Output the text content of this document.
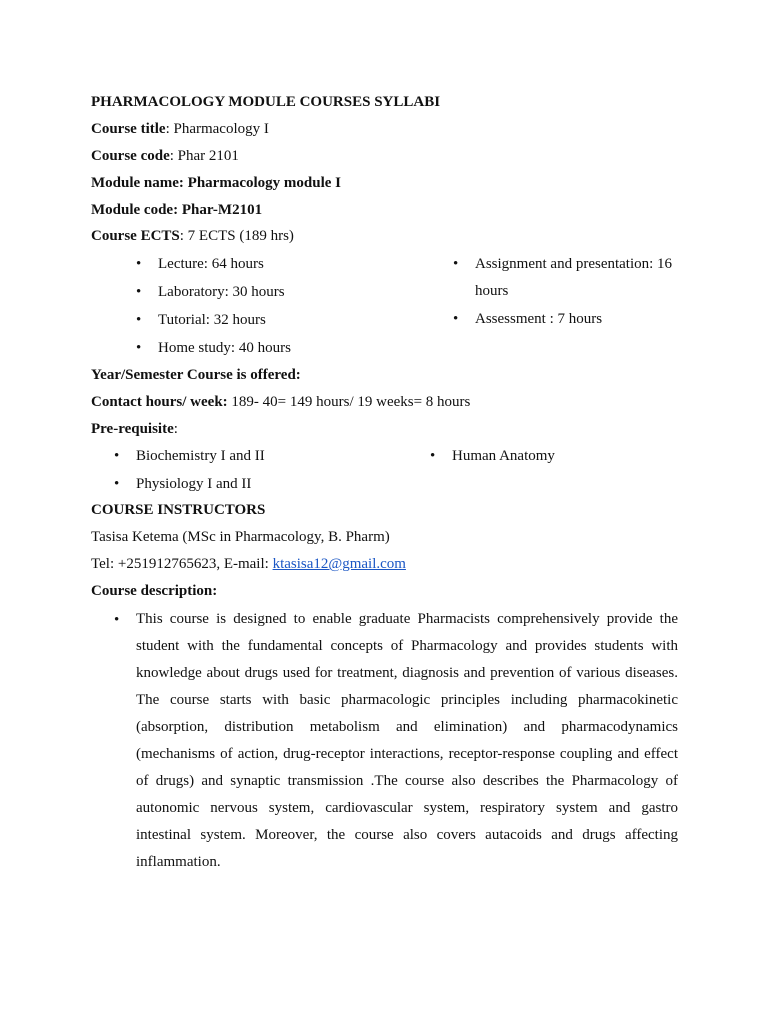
PHARMACOLOGY MODULE COURSES SYLLABI
Course title: Pharmacology I
Course code: Phar 2101
Module name: Pharmacology module I
Module code: Phar-M2101
Course ECTS: 7 ECTS (189 hrs)
• Lecture: 64 hours
• Laboratory: 30 hours
• Tutorial: 32 hours
• Home study: 40 hours
• Assignment and presentation: 16
hours
• Assessment : 7 hours
Year/Semester Course is offered:
Contact hours/ week: 189- 40= 149 hours/ 19 weeks= 8 hours
Pre-requisite:
• Biochemistry I and II
• Physiology I and II
• Human Anatomy
COURSE INSTRUCTORS
Tasisa Ketema (MSc in Pharmacology, B. Pharm)
Tel: +251912765623, E-mail: ktasisa12@gmail.com
Course description:
• This course is designed to enable graduate Pharmacists comprehensively provide the student with the fundamental concepts of Pharmacology and provides students with knowledge about drugs used for treatment, diagnosis and prevention of various diseases. The course starts with basic pharmacologic principles including pharmacokinetic (absorption, distribution metabolism and elimination) and pharmacodynamics (mechanisms of action, drug-receptor interactions, receptor-response coupling and effect of drugs) and synaptic transmission .The course also describes the Pharmacology of autonomic nervous system, cardiovascular system, respiratory system and gastro intestinal system. Moreover, the course also covers autacoids and drugs affecting inflammation.
